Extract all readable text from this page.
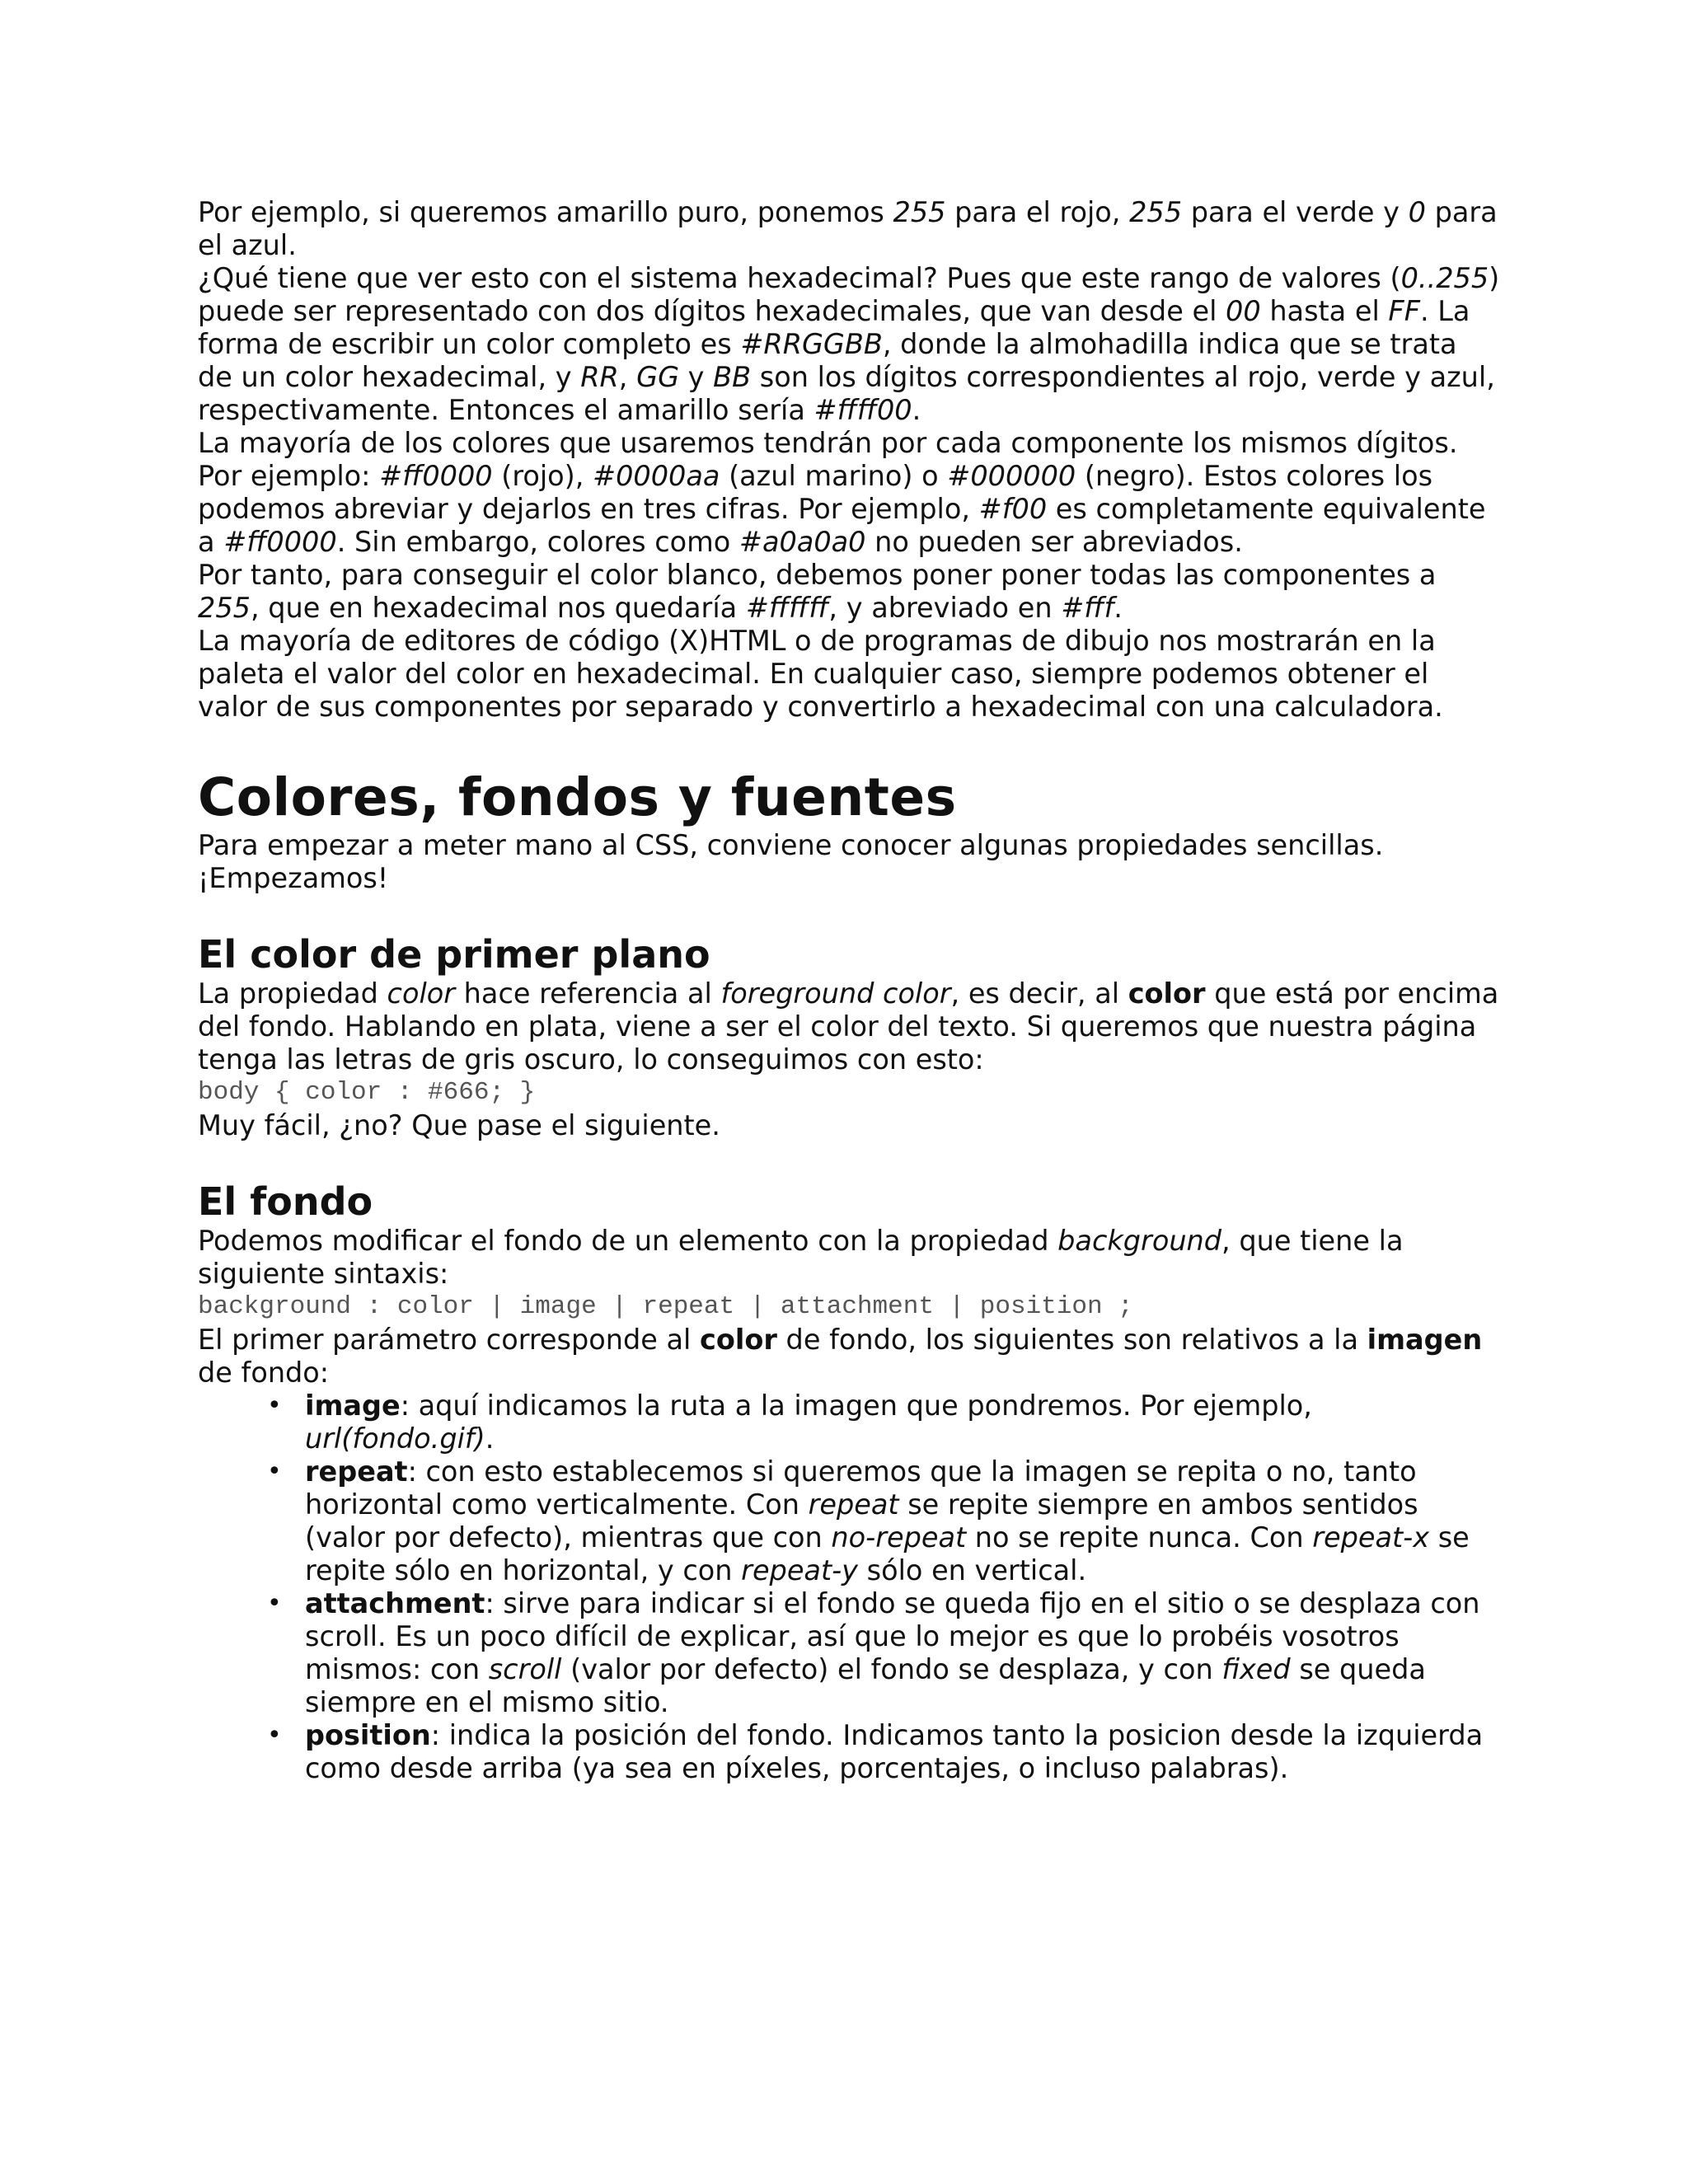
Por ejemplo, si queremos amarillo puro, ponemos 255 para el rojo, 255 para el verde y 0 para el azul.

¿Qué tiene que ver esto con el sistema hexadecimal? Pues que este rango de valores (0..255) puede ser representado con dos dígitos hexadecimales, que van desde el 00 hasta el FF. La forma de escribir un color completo es #RRGGBB, donde la almohadilla indica que se trata de un color hexadecimal, y RR, GG y BB son los dígitos correspondientes al rojo, verde y azul, respectivamente. Entonces el amarillo sería #ffff00.

La mayoría de los colores que usaremos tendrán por cada componente los mismos dígitos. Por ejemplo: #ff0000 (rojo), #0000aa (azul marino) o #000000 (negro). Estos colores los podemos abreviar y dejarlos en tres cifras. Por ejemplo, #f00 es completamente equivalente a #ff0000. Sin embargo, colores como #a0a0a0 no pueden ser abreviados.

Por tanto, para conseguir el color blanco, debemos poner poner todas las componentes a 255, que en hexadecimal nos quedaría #ffffff, y abreviado en #fff.

La mayoría de editores de código (X)HTML o de programas de dibujo nos mostrarán en la paleta el valor del color en hexadecimal. En cualquier caso, siempre podemos obtener el valor de sus componentes por separado y convertirlo a hexadecimal con una calculadora.

Colores, fondos y fuentes

Para empezar a meter mano al CSS, conviene conocer algunas propiedades sencillas. ¡Empezamos!

El color de primer plano

La propiedad color hace referencia al foreground color, es decir, al color que está por encima del fondo. Hablando en plata, viene a ser el color del texto. Si queremos que nuestra página tenga las letras de gris oscuro, lo conseguimos con esto:

body { color : #666; }

Muy fácil, ¿no? Que pase el siguiente.

El fondo

Podemos modificar el fondo de un elemento con la propiedad background, que tiene la siguiente sintaxis:

background : color | image | repeat | attachment | position ;

El primer parámetro corresponde al color de fondo, los siguientes son relativos a la imagen de fondo:

• image: aquí indicamos la ruta a la imagen que pondremos. Por ejemplo, url(fondo.gif).
• repeat: con esto establecemos si queremos que la imagen se repita o no, tanto horizontal como verticalmente. Con repeat se repite siempre en ambos sentidos (valor por defecto), mientras que con no-repeat no se repite nunca. Con repeat-x se repite sólo en horizontal, y con repeat-y sólo en vertical.
• attachment: sirve para indicar si el fondo se queda fijo en el sitio o se desplaza con scroll. Es un poco difícil de explicar, así que lo mejor es que lo probéis vosotros mismos: con scroll (valor por defecto) el fondo se desplaza, y con fixed se queda siempre en el mismo sitio.
• position: indica la posición del fondo. Indicamos tanto la posicion desde la izquierda como desde arriba (ya sea en píxeles, porcentajes, o incluso palabras).
